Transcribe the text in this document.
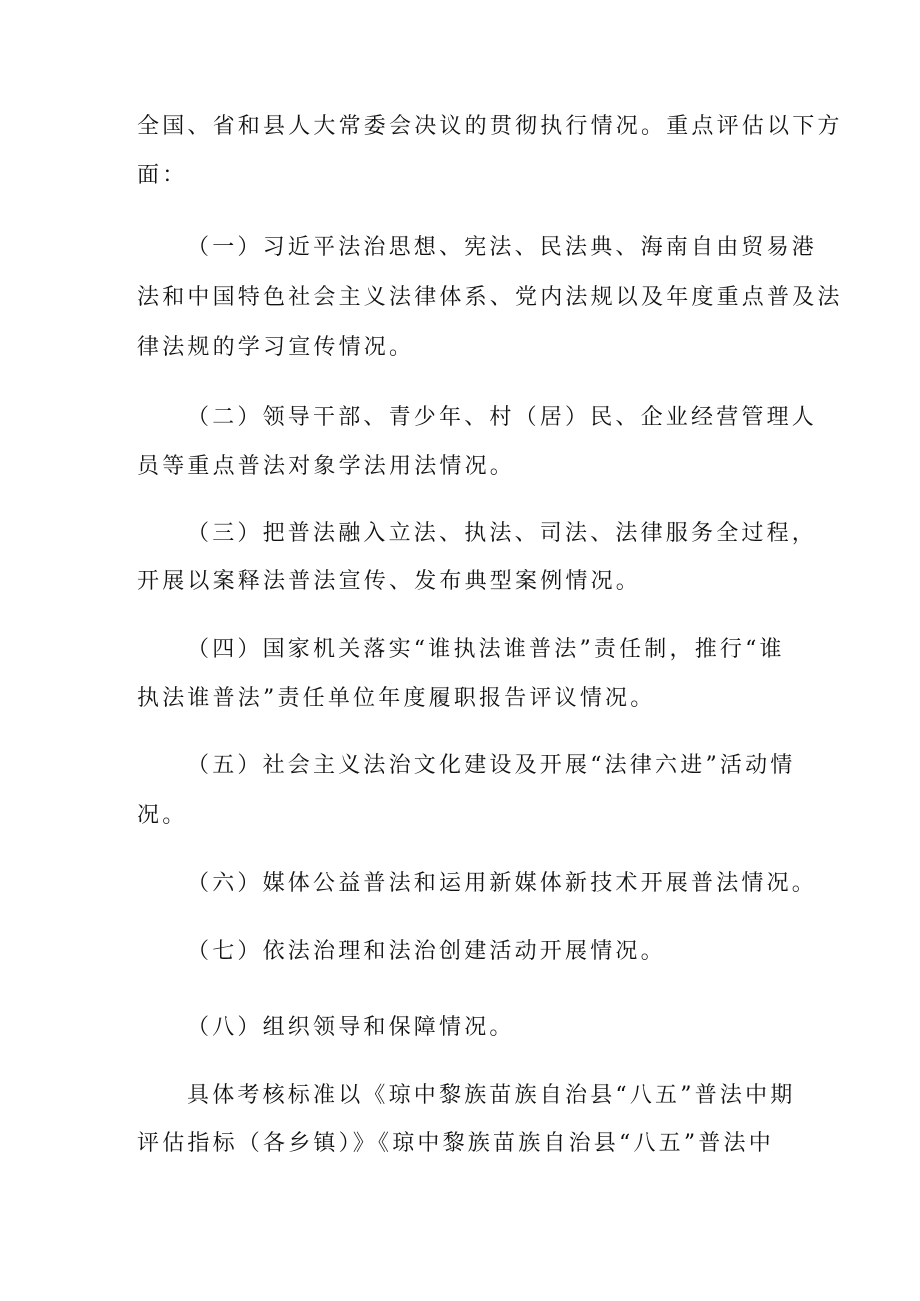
全国、省和县人大常委会决议的贯彻执行情况。重点评估以下方
面：
（一）习近平法治思想、宪法、民法典、海南自由贸易港
法和中国特色社会主义法律体系、党内法规以及年度重点普及法
律法规的学习宣传情况。
（二）领导干部、青少年、村（居）民、企业经营管理人
员等重点普法对象学法用法情况。
（三）把普法融入立法、执法、司法、法律服务全过程，
开展以案释法普法宣传、发布典型案例情况。
（四）国家机关落实“谁执法谁普法”责任制，推行“谁
执法谁普法”责任单位年度履职报告评议情况。
（五）社会主义法治文化建设及开展“法律六进”活动情
况。
（六）媒体公益普法和运用新媒体新技术开展普法情况。
（七）依法治理和法治创建活动开展情况。
（八）组织领导和保障情况。
具体考核标准以《琼中黎族苗族自治县“八五”普法中期
评估指标（各乡镇）》《琼中黎族苗族自治县“八五”普法中
